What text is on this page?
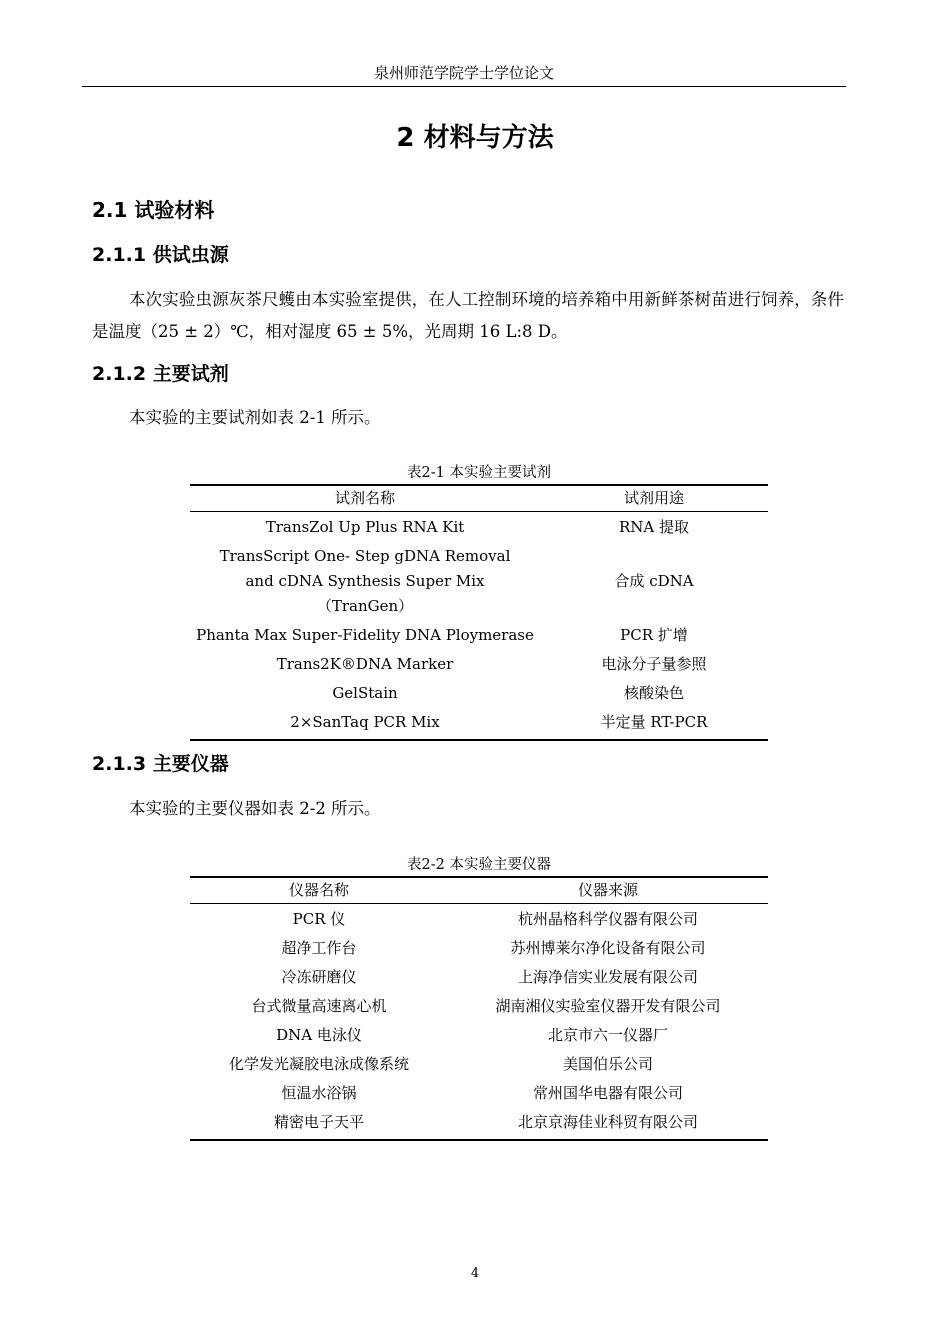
泉州师范学院学士学位论文
2 材料与方法
2.1 试验材料
2.1.1 供试虫源
本次实验虫源灰茶尺蠖由本实验室提供，在人工控制环境的培养箱中用新鲜茶树苗进行饲养，条件是温度（25 ± 2）℃，相对湿度 65 ± 5%，光周期 16 L:8 D。
2.1.2 主要试剂
本实验的主要试剂如表 2-1 所示。
表2-1 本实验主要试剂
试剂名称	试剂用途
TransZol Up Plus RNA Kit	RNA 提取
TransScript One- Step gDNA Removal and cDNA Synthesis Super Mix（TranGen）	合成 cDNA
Phanta Max Super-Fidelity DNA Ploymerase	PCR 扩增
Trans2K®DNA Marker	电泳分子量参照
GelStain	核酸染色
2×SanTaq PCR Mix	半定量 RT-PCR
2.1.3 主要仪器
本实验的主要仪器如表 2-2 所示。
表2-2 本实验主要仪器
仪器名称	仪器来源
PCR 仪	杭州晶格科学仪器有限公司
超净工作台	苏州博莱尔净化设备有限公司
冷冻研磨仪	上海净信实业发展有限公司
台式微量高速离心机	湖南湘仪实验室仪器开发有限公司
DNA 电泳仪	北京市六一仪器厂
化学发光凝胶电泳成像系统	美国伯乐公司
恒温水浴锅	常州国华电器有限公司
精密电子天平	北京京海佳业科贸有限公司
4
